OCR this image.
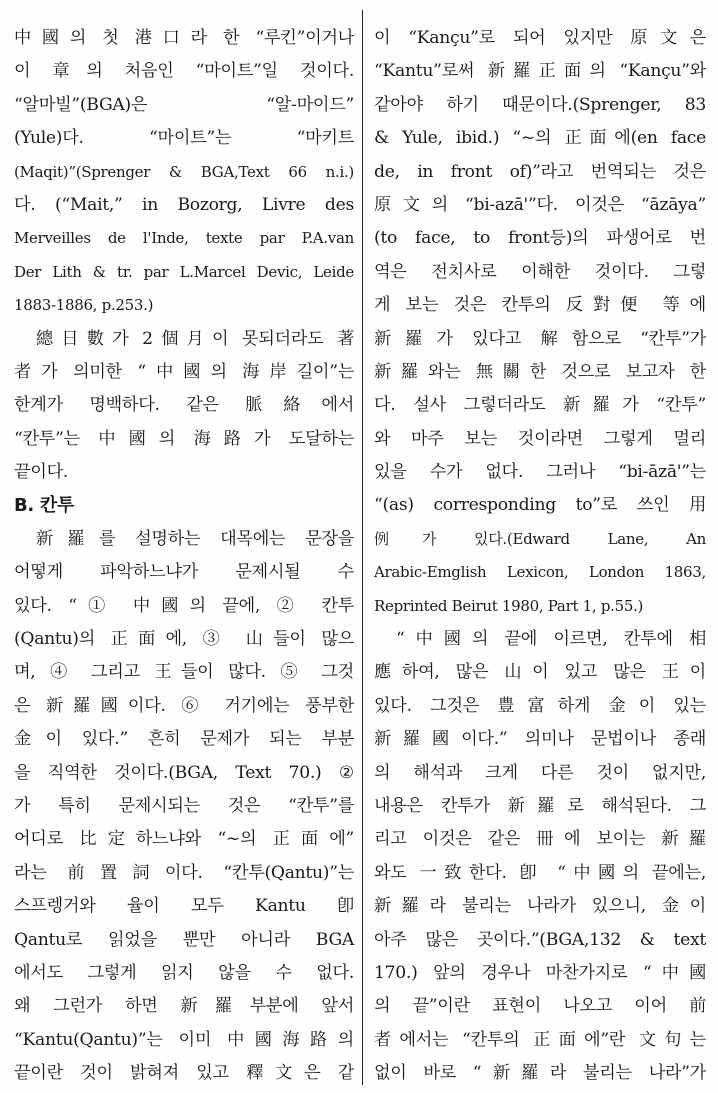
中國의 첫 港口라 한 “루킨”이거나
이 章의 처음인 “마이트”일 것이다.
“알마빌”(BGA)은 “알-마이드”
(Yule)다. “마이트”는 “마키트
(Maqit)”(Sprenger & BGA,Text 66 n.i.)
다. (“Mait,” in Bozorg, Livre des
Merveilles de l'Inde, texte par P.A.van
Der Lith & tr. par L.Marcel Devic, Leide
1883-1886, p.253.)
總日數가 2個月이 못되더라도 著
者가 의미한 “中國의 海岸길이”는
한계가 명백하다. 같은 脈絡에서
“칸투”는 中國의 海路가 도달하는
끝이다.
B. 칸투
新羅를 설명하는 대목에는 문장을
어떻게 파악하느냐가 문제시될 수
있다. “① 中國의 끝에, ② 칸투
(Qantu)의 正面에, ③ 山들이 많으
며, ④ 그리고 王들이 많다. ⑤ 그것
은 新羅國이다. ⑥ 거기에는 풍부한
金이 있다.” 흔히 문제가 되는 부분
을 직역한 것이다.(BGA, Text 70.) ②
가 특히 문제시되는 것은 “칸투”를
어디로 比定하느냐와 “~의 正面에”
라는 前置詞이다. “칸투(Qantu)”는
스프렝거와 율이 모두 Kantu 卽
Qantu로 읽었을 뿐만 아니라 BGA
에서도 그렇게 읽지 않을 수 없다.
왜 그런가 하면 新羅부분에 앞서
“Kantu(Qantu)”는 이미 中國海路의
끝이란 것이 밝혀져 있고 釋文은 같
이 “Kançu”로 되어 있지만 原文은
“Kantu”로써 新羅正面의 “Kançu”와
같아야 하기 때문이다.(Sprenger, 83
& Yule, ibid.) “~의 正面에(en face
de, in front of)”라고 번역되는 것은
原文의 “bi-azā'”다. 이것은 “āzāya”
(to face, to front등)의 파생어로 번
역은 전치사로 이해한 것이다. 그렇
게 보는 것은 칸투의 反對便 等에
新羅가 있다고 解함으로 “칸투”가
新羅와는 無關한 것으로 보고자 한
다. 설사 그렇더라도 新羅가 “칸투”
와 마주 보는 것이라면 그렇게 멀리
있을 수가 없다. 그러나 “bi-āzā'”는
“(as) corresponding to”로 쓰인 用
例가 있다.(Edward Lane, An
Arabic-Emglish Lexicon, London 1863,
Reprinted Beirut 1980, Part 1, p.55.)
“中國의 끝에 이르면, 칸투에 相
應하여, 많은 山이 있고 많은 王이
있다. 그것은 豊富하게 金이 있는
新羅國이다.” 의미나 문법이나 종래
의 해석과 크게 다른 것이 없지만,
내용은 칸투가 新羅로 해석된다. 그
리고 이것은 같은 冊에 보이는 新羅
와도 一致한다. 卽 “中國의 끝에는,
新羅라 불리는 나라가 있으니, 金이
아주 많은 곳이다.”(BGA,132 & text
170.) 앞의 경우나 마찬가지로 “中國
의 끝”이란 표현이 나오고 이어 前
者에서는 “칸투의 正面에”란 文句는
없이 바로 “新羅라 불리는 나라”가
